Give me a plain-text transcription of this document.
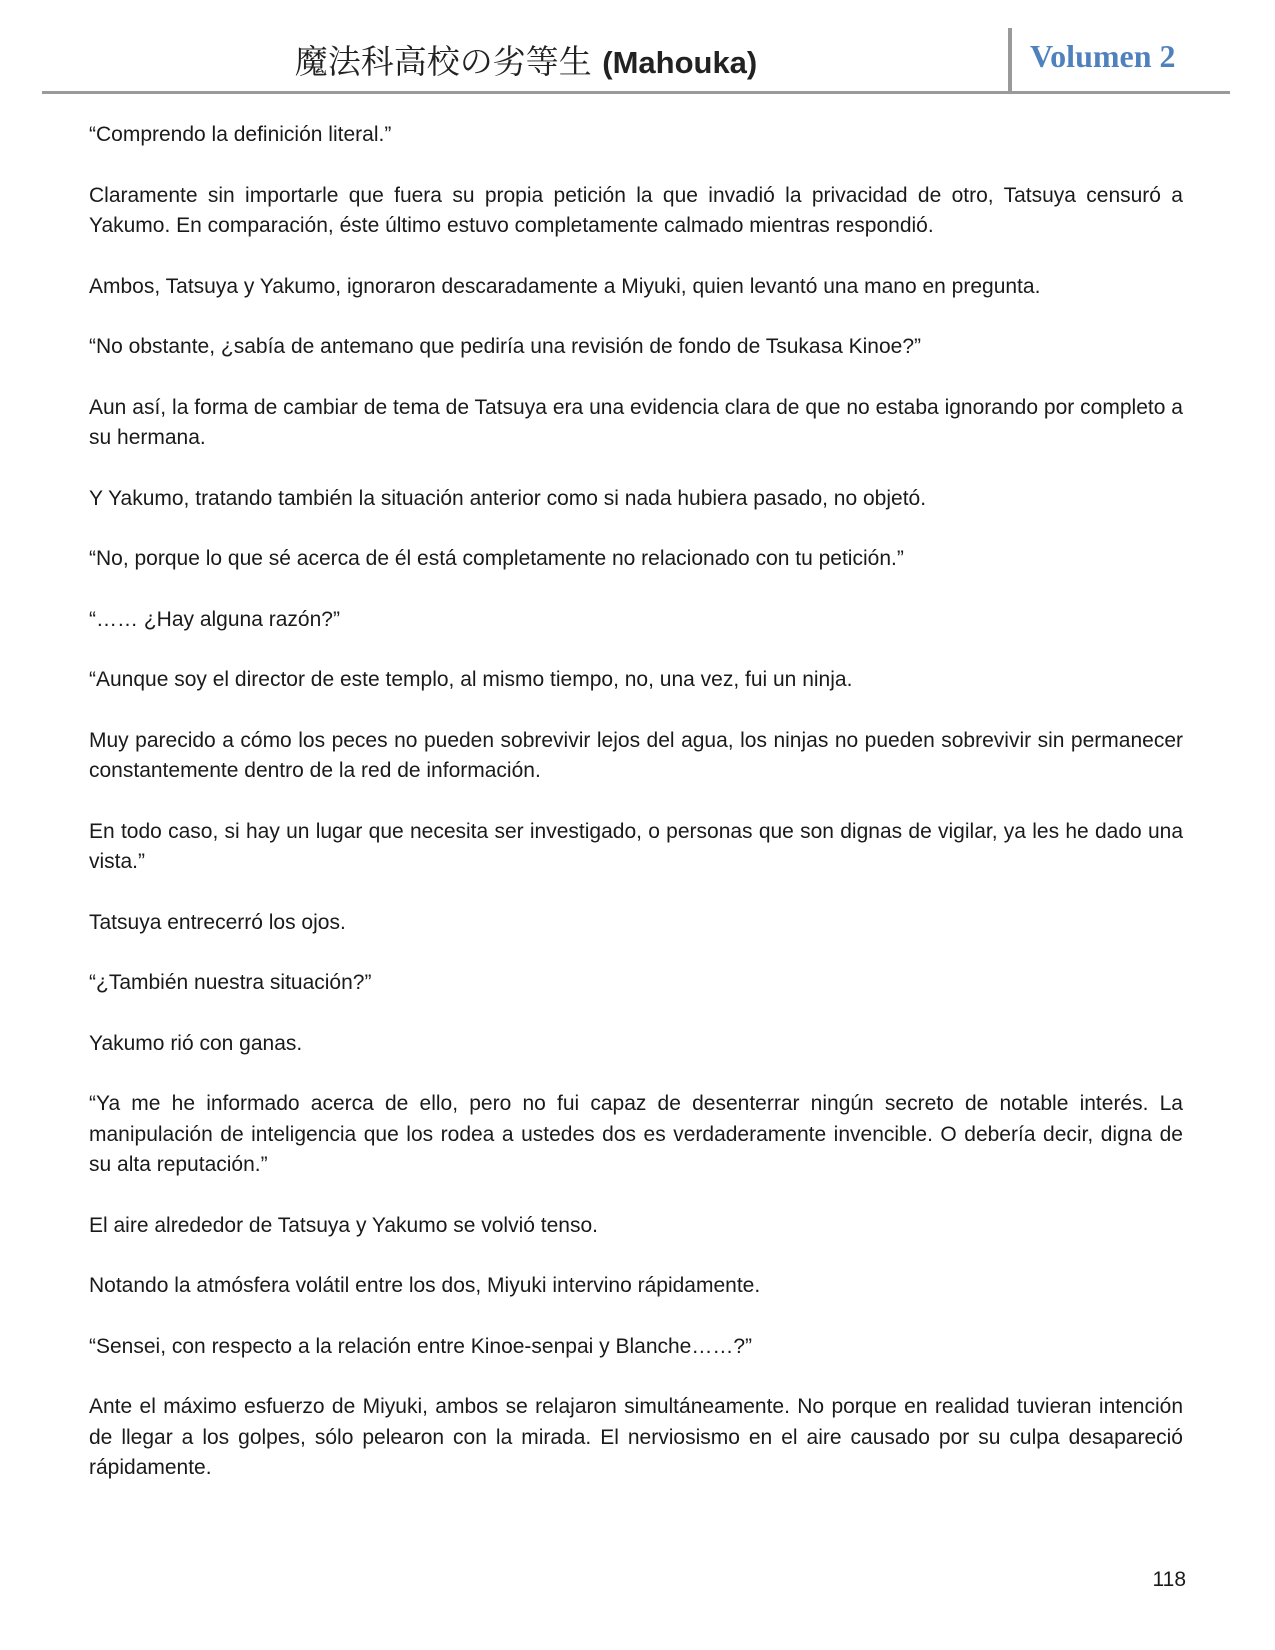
魔法科高校の劣等生 (Mahouka)	Volumen 2

“Comprendo la definición literal.”

Claramente sin importarle que fuera su propia petición la que invadió la privacidad de otro, Tatsuya censuró a Yakumo. En comparación, éste último estuvo completamente calmado mientras respondió.

Ambos, Tatsuya y Yakumo, ignoraron descaradamente a Miyuki, quien levantó una mano en pregunta.

“No obstante, ¿sabía de antemano que pediría una revisión de fondo de Tsukasa Kinoe?”

Aun así, la forma de cambiar de tema de Tatsuya era una evidencia clara de que no estaba ignorando por completo a su hermana.

Y Yakumo, tratando también la situación anterior como si nada hubiera pasado, no objetó.

“No, porque lo que sé acerca de él está completamente no relacionado con tu petición.”

“…… ¿Hay alguna razón?”

“Aunque soy el director de este templo, al mismo tiempo, no, una vez, fui un ninja.

Muy parecido a cómo los peces no pueden sobrevivir lejos del agua, los ninjas no pueden sobrevivir sin permanecer constantemente dentro de la red de información.

En todo caso, si hay un lugar que necesita ser investigado, o personas que son dignas de vigilar, ya les he dado una vista.”

Tatsuya entrecerró los ojos.

“¿También nuestra situación?”

Yakumo rió con ganas.

“Ya me he informado acerca de ello, pero no fui capaz de desenterrar ningún secreto de notable interés. La manipulación de inteligencia que los rodea a ustedes dos es verdaderamente invencible. O debería decir, digna de su alta reputación.”

El aire alrededor de Tatsuya y Yakumo se volvió tenso.

Notando la atmósfera volátil entre los dos, Miyuki intervino rápidamente.

“Sensei, con respecto a la relación entre Kinoe-senpai y Blanche……?”

Ante el máximo esfuerzo de Miyuki, ambos se relajaron simultáneamente. No porque en realidad tuvieran intención de llegar a los golpes, sólo pelearon con la mirada. El nerviosismo en el aire causado por su culpa desapareció rápidamente.

118
